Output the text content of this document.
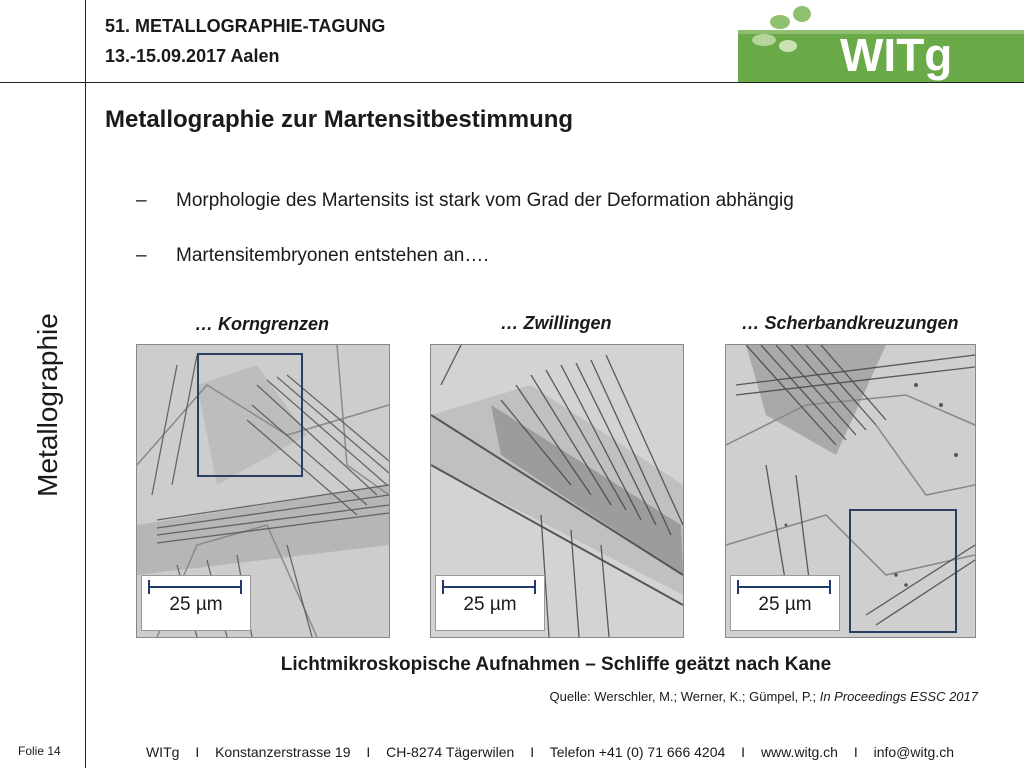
51. METALLOGRAPHIE-TAGUNG
13.-15.09.2017 Aalen	WITg
Metallographie
Metallographie zur Martensitbestimmung
–	Morphologie des Martensits ist stark vom Grad der Deformation abhängig
–	Martensitembryonen entstehen an….
… Korngrenzen	… Zwillingen	… Scherbandkreuzungen
25 µm	25 µm	25 µm
Lichtmikroskopische Aufnahmen – Schliffe geätzt nach Kane
Quelle: Werschler, M.; Werner, K.; Gümpel, P.; In Proceedings ESSC 2017
Folie 14	WITg I Konstanzerstrasse 19 I CH-8274 Tägerwilen I Telefon +41 (0) 71 666 4204 I www.witg.ch I info@witg.ch
